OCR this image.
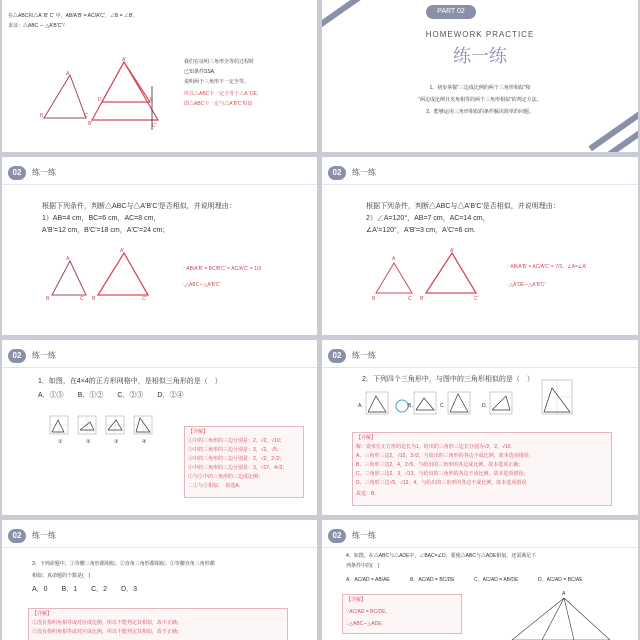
在△ABC和△A' B' C' 中，AB/A'B' = AC/A'C'，∠B = ∠B'，
求证：△ABC ∽ △A'B'C'？
A
B	C
A'
B'	C'
D	E
我们在证明三角形全等的过程时
已知条件SSA，
说明两个三角形不一定全等。
所以△ABC不一定全等于△A' DE，
即△ABC不一定与△A'B'C'相似
PART 02
HOMEWORK PRACTICE
练一练
1、初步掌握“三边成比例的两个三角形相似”和
“两边成比例且夹角相等的两个三角形相似”的判定方法。
2、能够运用三角形相似的条件解决简单的问题。
02	练一练
根据下列条件，判断△ABC与△A'B'C'是否相似，并说明理由：
1）AB=4 cm，BC=6 cm，AC=8 cm，
A'B'=12 cm，B'C'=18 cm，A'C'=24 cm；
A
B	C
A'
B'	C'
∵ AB/A'B' = BC/B'C' = AC/A'C' = 1/3
∴△ABC∽△A'B'C'
02	练一练
根据下列条件，判断△ABC与△A'B'C'是否相似，并说明理由：
2）∠A=120°，AB=7 cm，AC=14 cm，
∠A'=120°，A'B'=3 cm，A'C'=6 cm.
A
B	C
A'
B'	C'
∵ AB/A'B' = AC/A'C' = 7/3，∠A=∠A'
∴△A'DE∽△A'B'C'
02	练一练
1．如图，在4×4的正方形网格中，是相似三角形的是（　）
A．①③　　B．①②　　C．②③　　D．②④
①	②	③	④
【详解】
①中的三角形的三边分别是：2，√2，√10；
②中的三角形的三边分别是：3，√2，√5；
③中的三角形的三边分别是：2，√2，2√2；
④中的三角形的三边分别是：3，√17，4√2；
①与②中的三角形的三边成比例：
∴①与②相似．　故选A．
02	练一练
2．下列四个三角形中，与图中的三角形相似的是（　）
A.	B.	C.	D.
【详解】
解：设单位正方形的边长为1，给出的三角形三边长分别为√2，2，√10．
A、三角形三边2，√10，3√2，与给出的三角形的各边不成比例，故本选项错误；
B、三角形三边2，4，2√5，与给出的三角形的各边成比例，故本选项正确；
C、三角形三边2，3，√13，与给出的三角形的各边不成比例，故本选项错误；
D、三角形三边√5，√13，4，与给出的三角形的各边不成比例，故本选项错误．
故选：B．
02	练一练
3．下列命题中，①等腰三角形都相似；②直角三角形都相似；③等腰直角三角形都
相似；真命题的个数是(　)
A．0　　B．1　　C．2　　D．3
【详解】
①没有指明角相等或对应成比例，所以不能判定其相似，故不正确；
②没有指明角相等或对应成比例，所以不能判定其相似，故不正确；
02	练一练
4．如图，在△ABC与△ADE中，∠BAC=∠D，要使△ABC与△ADE相似，还需满足下
列条件中的(　)
A．AC/AD = AB/AE	B．AC/AD = BC/DE	C．AC/AD = AB/DE	D．AC/AD = BC/AE
【详解】
∵AC/AD = BC/DE，
∴△ABC∽△ADE．
A
